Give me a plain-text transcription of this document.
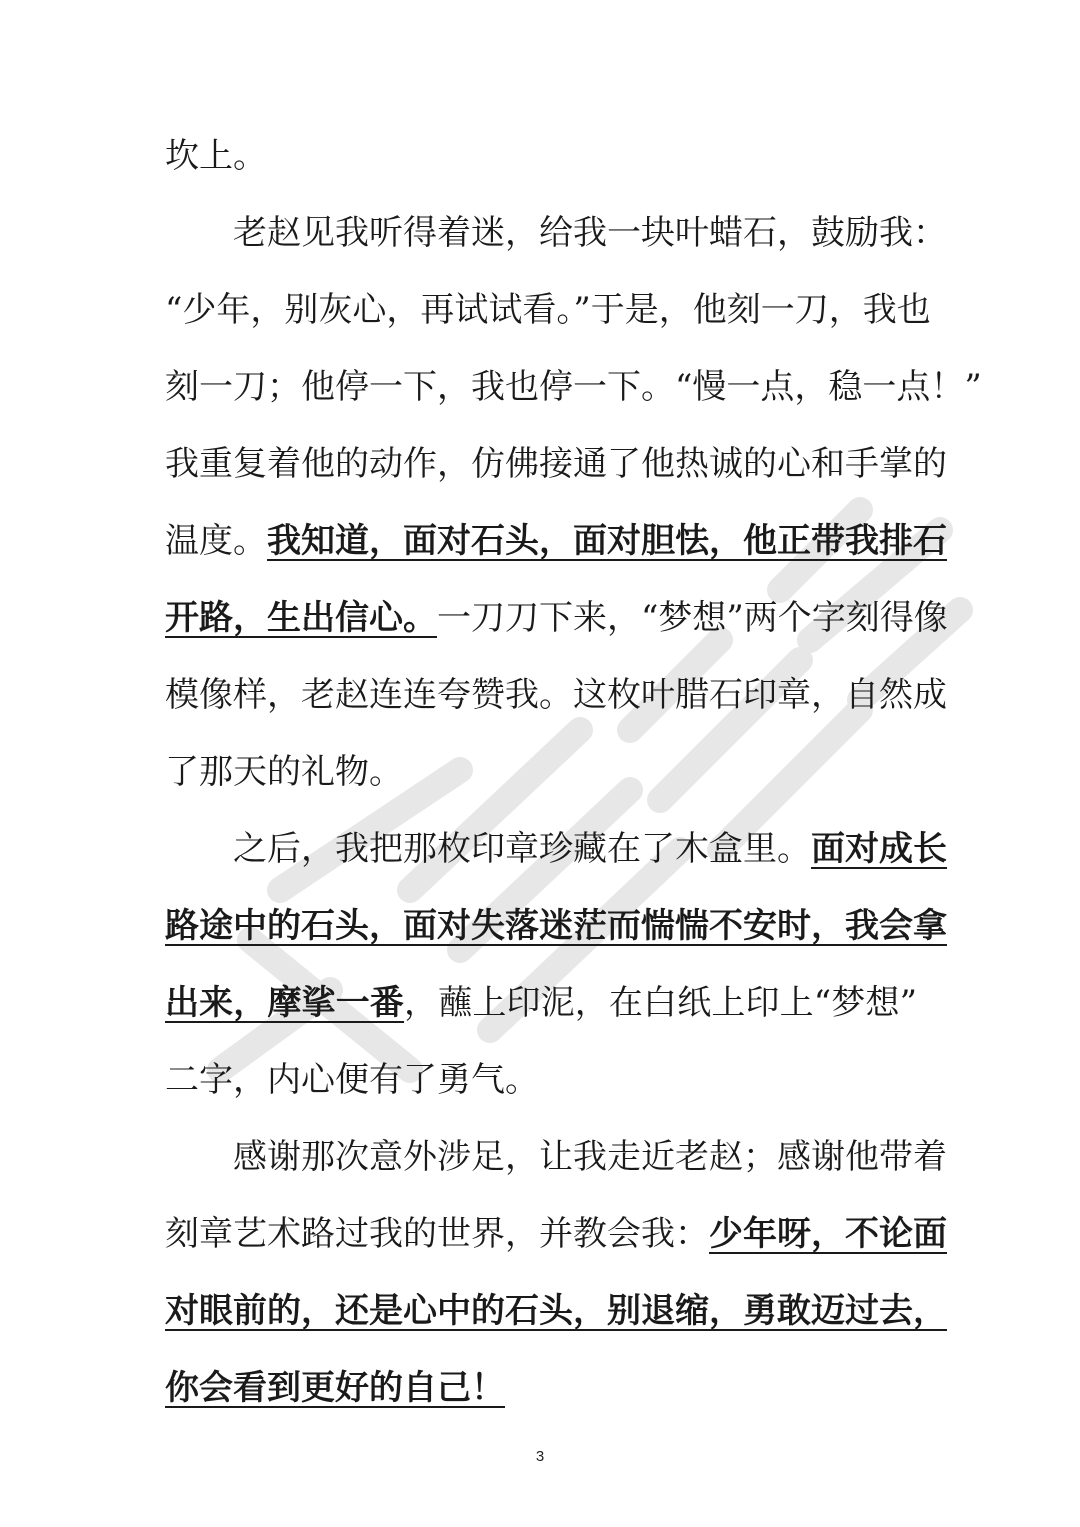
坎上。
　　老赵见我听得着迷，给我一块叶蜡石，鼓励我：
“少年，别灰心，再试试看。”于是，他刻一刀，我也
刻一刀；他停一下，我也停一下。“慢一点，稳一点！”
我重复着他的动作，仿佛接通了他热诚的心和手掌的
温度。我知道，面对石头，面对胆怯，他正带我排石
开路，生出信心。一刀刀下来，“梦想”两个字刻得像
模像样，老赵连连夸赞我。这枚叶腊石印章，自然成
了那天的礼物。
　　之后，我把那枚印章珍藏在了木盒里。面对成长
路途中的石头，面对失落迷茫而惴惴不安时，我会拿
出来，摩挲一番，蘸上印泥，在白纸上印上“梦想”
二字，内心便有了勇气。
　　感谢那次意外涉足，让我走近老赵；感谢他带着
刻章艺术路过我的世界，并教会我：少年呀，不论面
对眼前的，还是心中的石头，别退缩，勇敢迈过去，
你会看到更好的自己！
3
